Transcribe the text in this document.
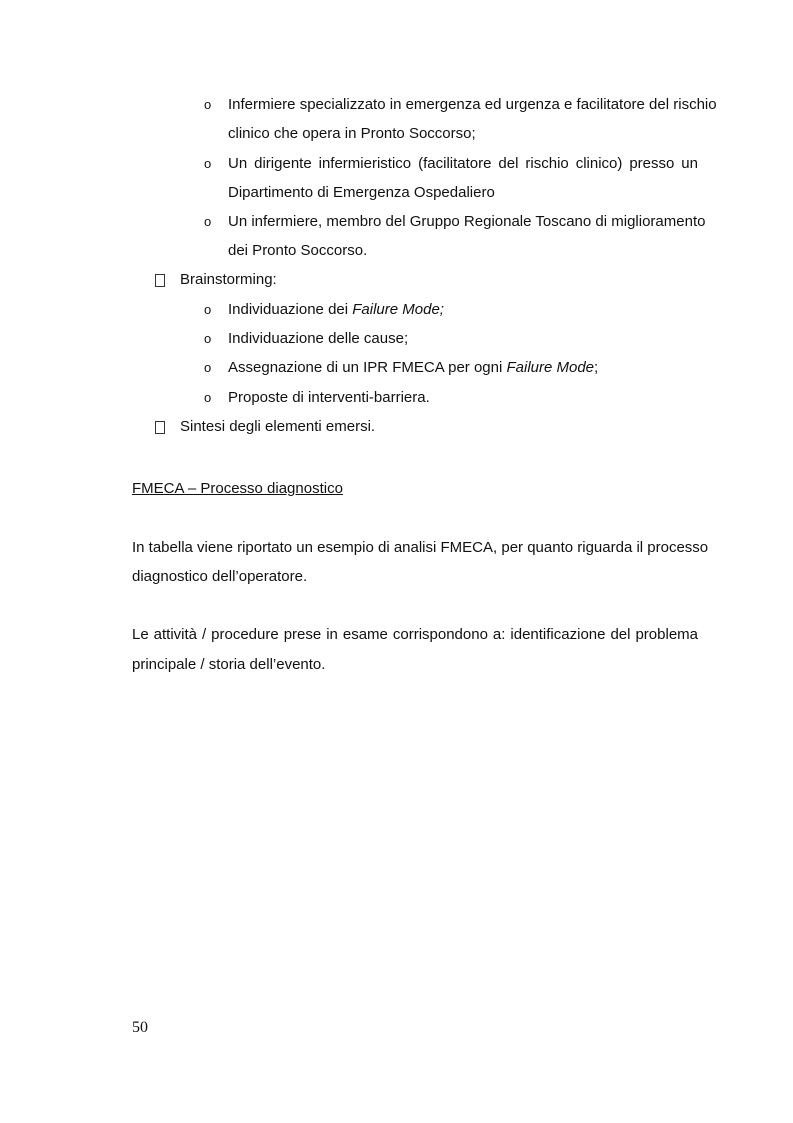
o Infermiere specializzato in emergenza ed urgenza e facilitatore del rischio
clinico che opera in Pronto Soccorso;
o Un dirigente infermieristico (facilitatore del rischio clinico) presso un
Dipartimento di Emergenza Ospedaliero
o Un infermiere, membro del Gruppo Regionale Toscano di miglioramento
dei Pronto Soccorso.
Brainstorming:
o Individuazione dei Failure Mode;
o Individuazione delle cause;
o Assegnazione di un IPR FMECA per ogni Failure Mode;
o Proposte di interventi-barriera.
Sintesi degli elementi emersi.
FMECA – Processo diagnostico
In tabella viene riportato un esempio di analisi FMECA, per quanto riguarda il processo
diagnostico dell’operatore.
Le attività / procedure prese in esame corrispondono a: identificazione del problema
principale / storia dell’evento.
50
